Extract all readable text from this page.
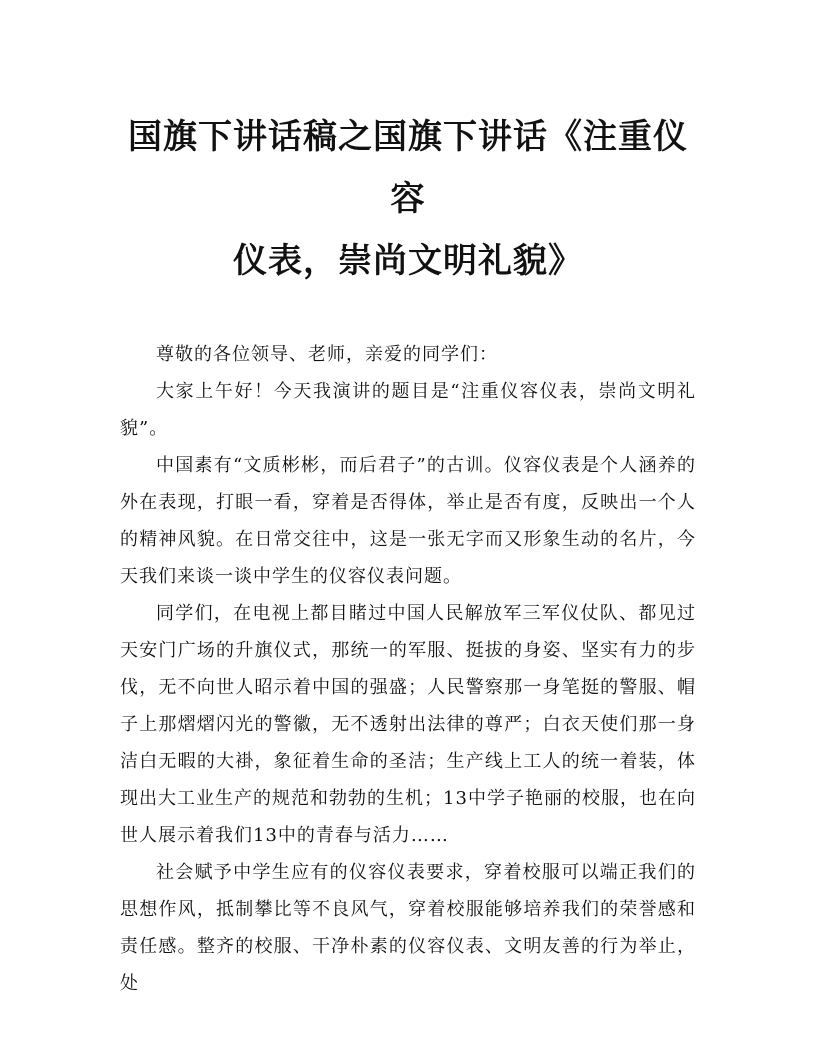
国旗下讲话稿之国旗下讲话《注重仪容
仪表，崇尚文明礼貌》

尊敬的各位领导、老师，亲爱的同学们：

大家上午好！今天我演讲的题目是“注重仪容仪表，崇尚文明礼貌”。

中国素有“文质彬彬，而后君子”的古训。仪容仪表是个人涵养的外在表现，打眼一看，穿着是否得体，举止是否有度，反映出一个人的精神风貌。在日常交往中，这是一张无字而又形象生动的名片，今天我们来谈一谈中学生的仪容仪表问题。

同学们，在电视上都目睹过中国人民解放军三军仪仗队、都见过天安门广场的升旗仪式，那统一的军服、挺拔的身姿、坚实有力的步伐，无不向世人昭示着中国的强盛；人民警察那一身笔挺的警服、帽子上那熠熠闪光的警徽，无不透射出法律的尊严；白衣天使们那一身洁白无暇的大褂，象征着生命的圣洁；生产线上工人的统一着装，体现出大工业生产的规范和勃勃的生机；13中学子艳丽的校服，也在向世人展示着我们13中的青春与活力……

社会赋予中学生应有的仪容仪表要求，穿着校服可以端正我们的思想作风，抵制攀比等不良风气，穿着校服能够培养我们的荣誉感和责任感。整齐的校服、干净朴素的仪容仪表、文明友善的行为举止，处
